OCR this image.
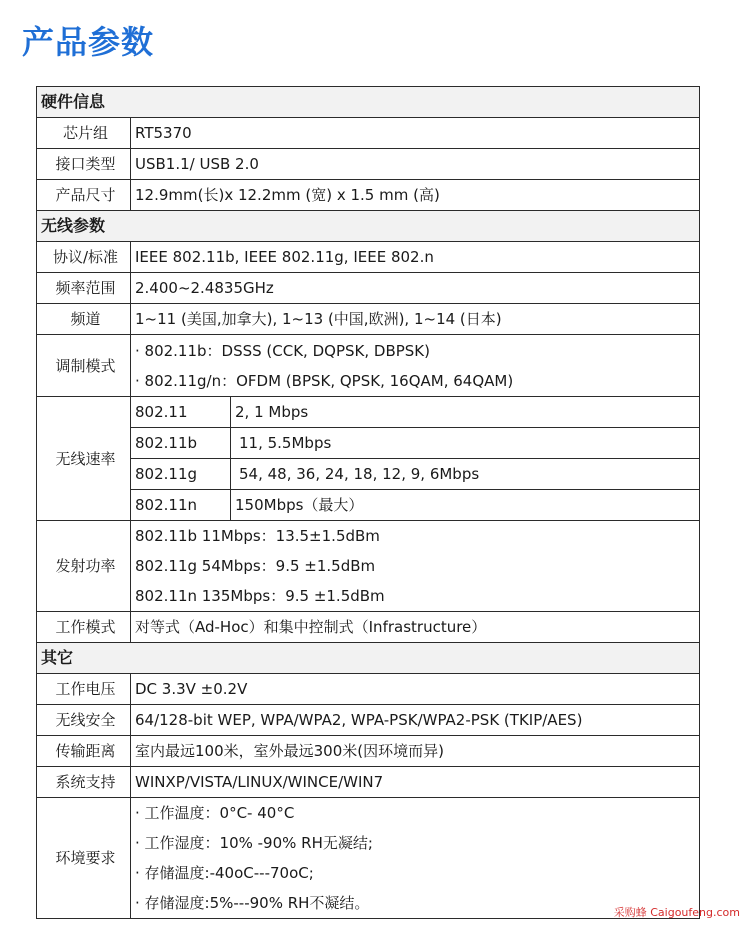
产品参数
硬件信息		
芯片组	RT5370	
接口类型	USB1.1/ USB 2.0	
产品尺寸	12.9mm(长)x 12.2mm (宽) x 1.5 mm (高)	
无线参数		
协议/标准	IEEE 802.11b, IEEE 802.11g, IEEE 802.n	
频率范围	2.400~2.4835GHz	
频道	1~11 (美国,加拿大), 1~13 (中国,欧洲), 1~14 (日本)	
调制模式	· 802.11b：DSSS (CCK, DQPSK, DBPSK)
· 802.11g/n：OFDM (BPSK, QPSK, 16QAM, 64QAM)	

无线速率	802.11	2, 1 Mbps
	802.11b	11, 5.5Mbps
	802.11g	54, 48, 36, 24, 18, 12, 9, 6Mbps
	802.11n	150Mbps（最大）
发射功率	802.11b 11Mbps：13.5±1.5dBm
802.11g 54Mbps：9.5 ±1.5dBm
802.11n 135Mbps：9.5 ±1.5dBm	

工作模式	对等式（Ad-Hoc）和集中控制式（Infrastructure）	
其它		
工作电压	DC 3.3V ±0.2V	
无线安全	64/128-bit WEP, WPA/WPA2, WPA-PSK/WPA2-PSK (TKIP/AES)	
传输距离	室内最远100米，室外最远300米(因环境而异)	
系统支持	WINXP/VISTA/LINUX/WINCE/WIN7	
环境要求	· 工作温度：0°C- 40°C
· 工作湿度：10% -90% RH无凝结;
· 存储温度:-40oC---70oC;
· 存储湿度:5%---90% RH不凝结。	
采购蜂 Caigoufeng.com
